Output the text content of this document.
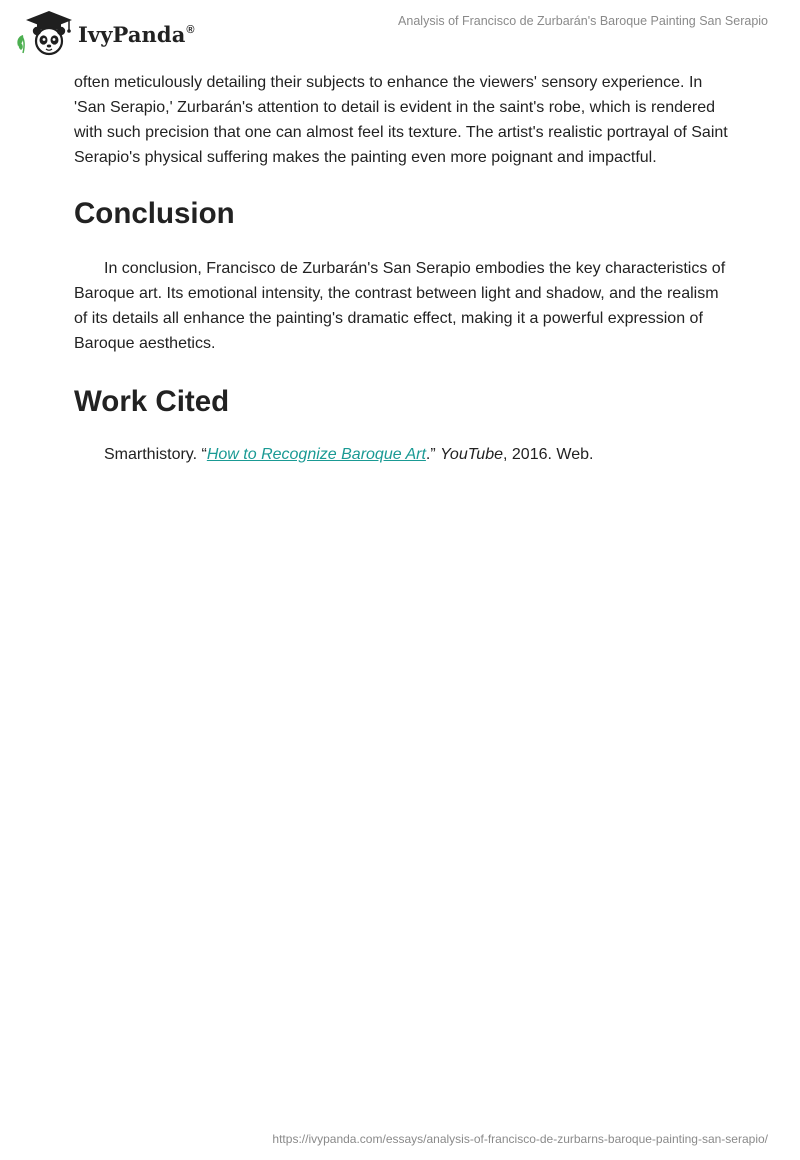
IvyPanda®
Analysis of Francisco de Zurbarán's Baroque Painting San Serapio

often meticulously detailing their subjects to enhance the viewers' sensory experience. In 'San Serapio,' Zurbarán's attention to detail is evident in the saint's robe, which is rendered with such precision that one can almost feel its texture. The artist's realistic portrayal of Saint Serapio's physical suffering makes the painting even more poignant and impactful.

Conclusion

In conclusion, Francisco de Zurbarán's San Serapio embodies the key characteristics of Baroque art. Its emotional intensity, the contrast between light and shadow, and the realism of its details all enhance the painting's dramatic effect, making it a powerful expression of Baroque aesthetics.

Work Cited

Smarthistory. “How to Recognize Baroque Art.” YouTube, 2016. Web.

https://ivypanda.com/essays/analysis-of-francisco-de-zurbarns-baroque-painting-san-serapio/
